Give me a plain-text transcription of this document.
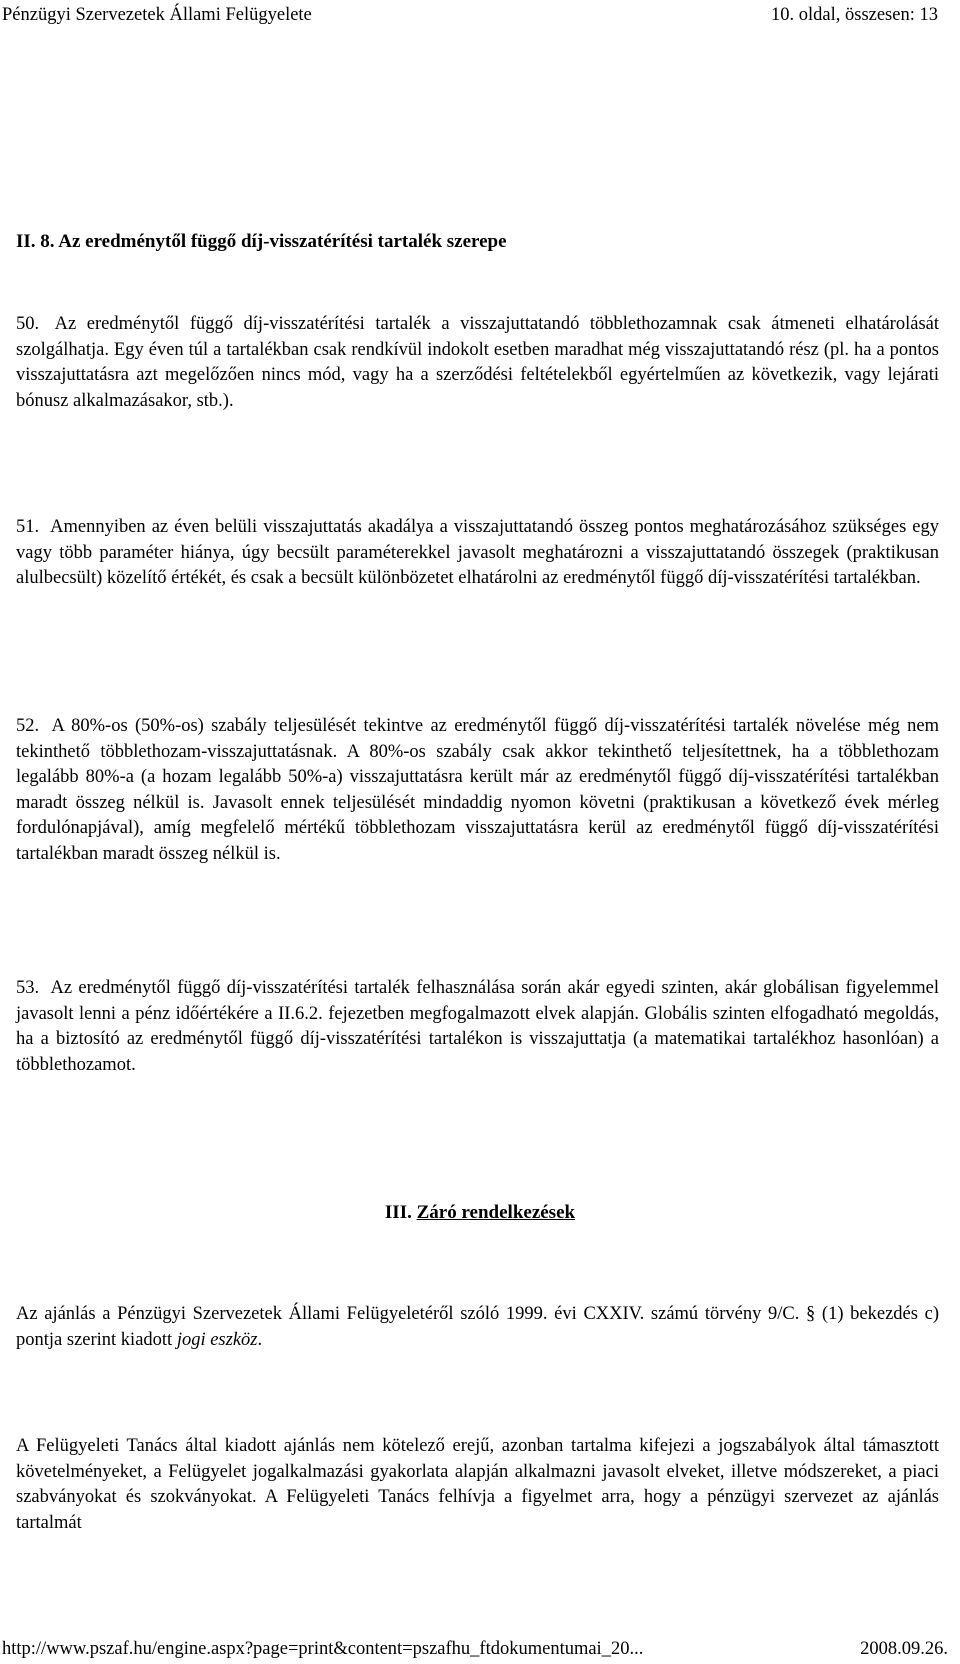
Pénzügyi Szervezetek Állami Felügyelete	10. oldal, összesen: 13
II. 8. Az eredménytől függő díj-visszatérítési tartalék szerepe

50. Az eredménytől függő díj-visszatérítési tartalék a visszajuttatandó többlethozamnak csak átmeneti elhatárolását szolgálhatja. Egy éven túl a tartalékban csak rendkívül indokolt esetben maradhat még visszajuttatandó rész (pl. ha a pontos visszajuttatásra azt megelőzően nincs mód, vagy ha a szerződési feltételekből egyértelműen az következik, vagy lejárati bónusz alkalmazásakor, stb.).

51. Amennyiben az éven belüli visszajuttatás akadálya a visszajuttatandó összeg pontos meghatározásához szükséges egy vagy több paraméter hiánya, úgy becsült paraméterekkel javasolt meghatározni a visszajuttatandó összegek (praktikusan alulbecsült) közelítő értékét, és csak a becsült különbözetet elhatárolni az eredménytől függő díj-visszatérítési tartalékban.

52. A 80%-os (50%-os) szabály teljesülését tekintve az eredménytől függő díj-visszatérítési tartalék növelése még nem tekinthető többlethozam-visszajuttatásnak. A 80%-os szabály csak akkor tekinthető teljesítettnek, ha a többlethozam legalább 80%-a (a hozam legalább 50%-a) visszajuttatásra került már az eredménytől függő díj-visszatérítési tartalékban maradt összeg nélkül is. Javasolt ennek teljesülését mindaddig nyomon követni (praktikusan a következő évek mérleg fordulónapjával), amíg megfelelő mértékű többlethozam visszajuttatásra kerül az eredménytől függő díj-visszatérítési tartalékban maradt összeg nélkül is.

53. Az eredménytől függő díj-visszatérítési tartalék felhasználása során akár egyedi szinten, akár globálisan figyelemmel javasolt lenni a pénz időértékére a II.6.2. fejezetben megfogalmazott elvek alapján. Globális szinten elfogadható megoldás, ha a biztosító az eredménytől függő díj-visszatérítési tartalékon is visszajuttatja (a matematikai tartalékhoz hasonlóan) a többlethozamot.

III. Záró rendelkezések

Az ajánlás a Pénzügyi Szervezetek Állami Felügyeletéről szóló 1999. évi CXXIV. számú törvény 9/C. § (1) bekezdés c) pontja szerint kiadott jogi eszköz.

A Felügyeleti Tanács által kiadott ajánlás nem kötelező erejű, azonban tartalma kifejezi a jogszabályok által támasztott követelményeket, a Felügyelet jogalkalmazási gyakorlata alapján alkalmazni javasolt elveket, illetve módszereket, a piaci szabványokat és szokványokat. A Felügyeleti Tanács felhívja a figyelmet arra, hogy a pénzügyi szervezet az ajánlás tartalmát

http://www.pszaf.hu/engine.aspx?page=print&content=pszafhu_ftdokumentumai_20...	2008.09.26.
